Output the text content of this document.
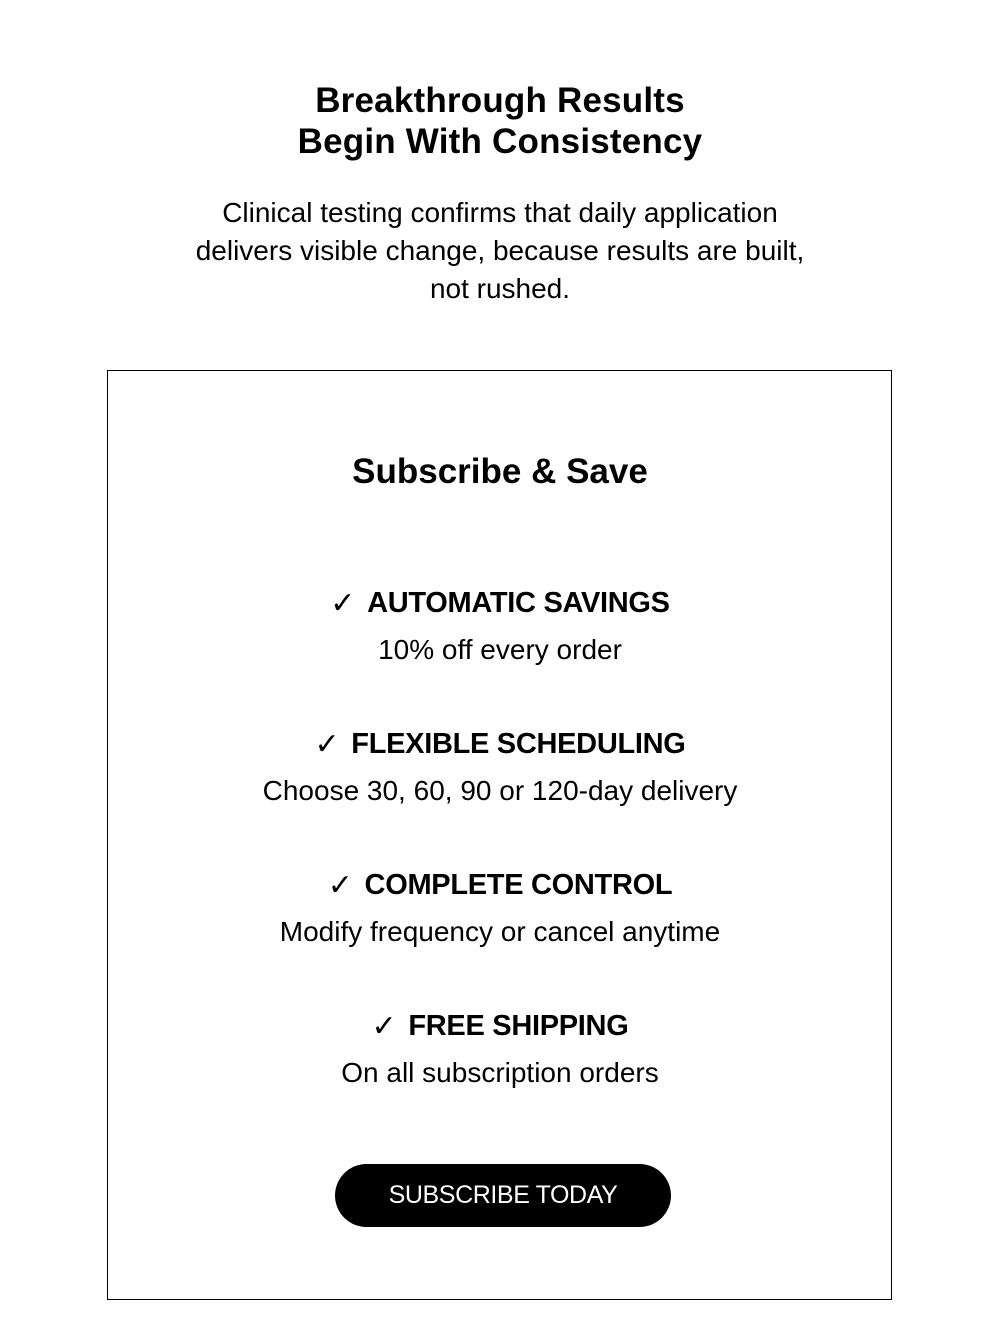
Breakthrough Results
Begin With Consistency

Clinical testing confirms that daily application
delivers visible change, because results are built,
not rushed.

Subscribe & Save
✓ AUTOMATIC SAVINGS
10% off every order
✓ FLEXIBLE SCHEDULING
Choose 30, 60, 90 or 120-day delivery
✓ COMPLETE CONTROL
Modify frequency or cancel anytime
✓ FREE SHIPPING
On all subscription orders
SUBSCRIBE TODAY
